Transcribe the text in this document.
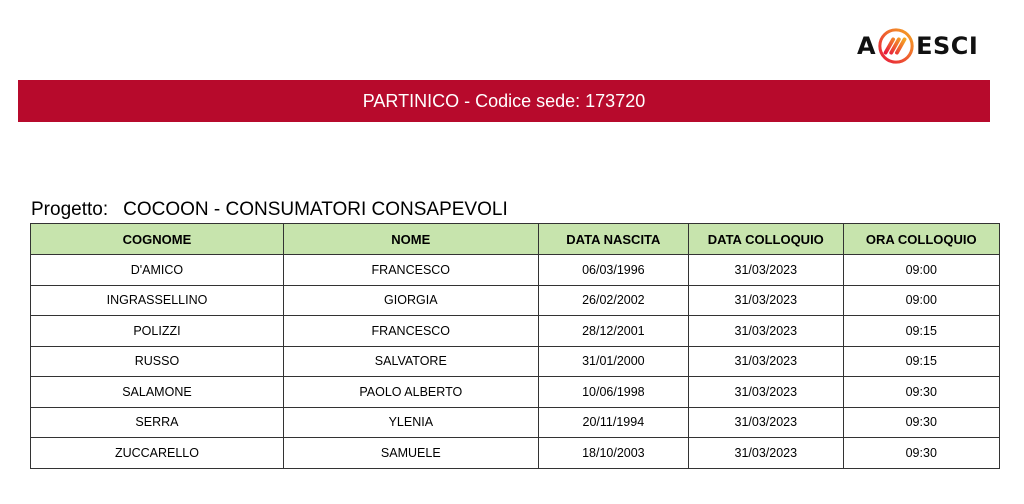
A ESCI
PARTINICO - Codice sede: 173720
Progetto: COCOON - CONSUMATORI CONSAPEVOLI
COGNOME	NOME	DATA NASCITA	DATA COLLOQUIO	ORA COLLOQUIO
D'AMICO	FRANCESCO	06/03/1996	31/03/2023	09:00
INGRASSELLINO	GIORGIA	26/02/2002	31/03/2023	09:00
POLIZZI	FRANCESCO	28/12/2001	31/03/2023	09:15
RUSSO	SALVATORE	31/01/2000	31/03/2023	09:15
SALAMONE	PAOLO ALBERTO	10/06/1998	31/03/2023	09:30
SERRA	YLENIA	20/11/1994	31/03/2023	09:30
ZUCCARELLO	SAMUELE	18/10/2003	31/03/2023	09:30
